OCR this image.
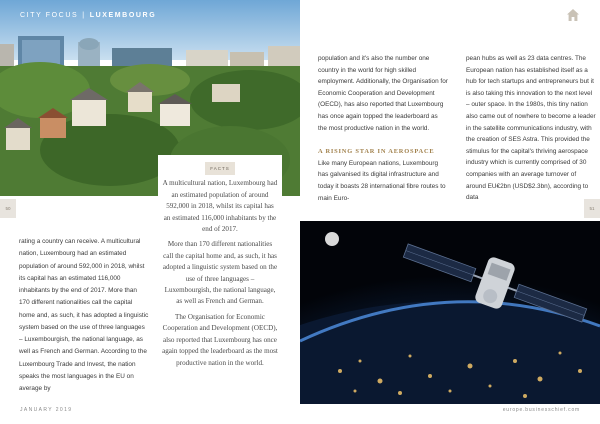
CITY FOCUS | LUXEMBOURG
FACTS

A multicultural nation, Luxembourg had an estimated population of around 592,000 in 2018, whilst its capital has an estimated 116,000 inhabitants by the end of 2017.

More than 170 different nationalities call the capital home and, as such, it has adopted a linguistic system based on the use of three languages – Luxembourgish, the national language, as well as French and German.

The Organisation for Economic Cooperation and Development (OECD), also reported that Luxembourg has once again topped the leaderboard as the most productive nation in the world.

50
rating a country can receive. A multicultural nation, Luxembourg had an estimated population of around 592,000 in 2018, whilst its capital has an estimated 116,000 inhabitants by the end of 2017. More than 170 different nationalities call the capital home and, as such, it has adopted a linguistic system based on the use of three languages – Luxembourgish, the national language, as well as French and German. According to the Luxembourg Trade and Invest, the nation speaks the most languages in the EU on average by
JANUARY 2019
population and it's also the number one country in the world for high skilled employment. Additionally, the Organisation for Economic Cooperation and Development (OECD), has also reported that Luxembourg has once again topped the leaderboard as the most productive nation in the world.
A RISING STAR IN AEROSPACE
Like many European nations, Luxembourg has galvanised its digital infrastructure and today it boasts 28 international fibre routes to main Euro-
pean hubs as well as 23 data centres. The European nation has established itself as a hub for tech startups and entrepreneurs but it is also taking this innovation to the next level – outer space. In the 1980s, this tiny nation also came out of nowhere to become a leader in the satellite communications industry, with the creation of SES Astra. This provided the stimulus for the capital's thriving aerospace industry which is currently comprised of 30 companies with an average turnover of around EU€2bn (USD$2.3bn), according to data
51
europe.businesschief.com
